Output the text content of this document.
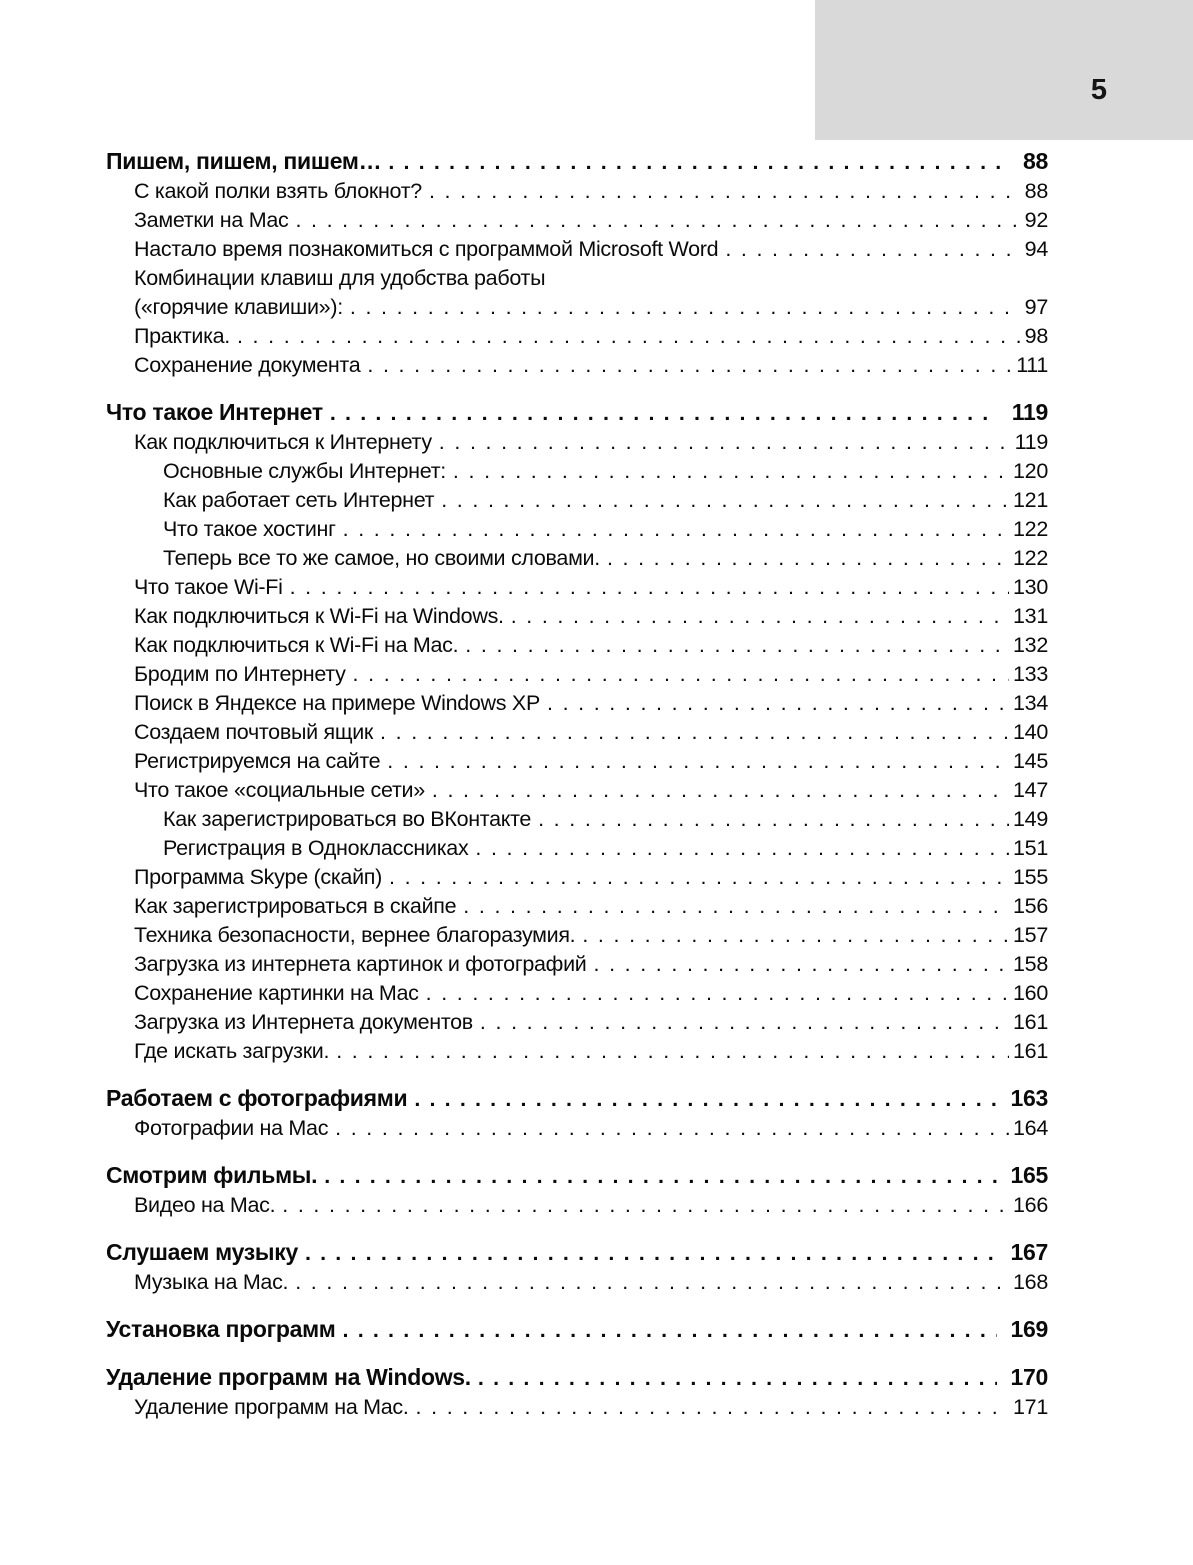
5
Пишем, пишем, пишем… .....	88
С какой полки взять блокнот? .....	88
Заметки на Mac .....	92
Настало время познакомиться с программой Microsoft Word .....	94
Комбинации клавиш для удобства работы
(«горячие клавиши»): .....	97
Практика. .....	98
Сохранение документа .....	111
Что такое Интернет .....	119
Как подключиться к Интернету .....	119
Основные службы Интернет: .....	120
Как работает сеть Интернет .....	121
Что такое хостинг .....	122
Теперь все то же самое, но своими словами. .....	122
Что такое Wi-Fi .....	130
Как подключиться к Wi-Fi на Windows. .....	131
Как подключиться к Wi-Fi на Mac. .....	132
Бродим по Интернету .....	133
Поиск в Яндексе на примере Windows XP .....	134
Создаем почтовый ящик .....	140
Регистрируемся на сайте .....	145
Что такое «социальные сети» .....	147
Как зарегистрироваться во ВКонтакте .....	149
Регистрация в Одноклассниках .....	151
Программа Skype (скайп) .....	155
Как зарегистрироваться в скайпе .....	156
Техника безопасности, вернее благоразумия. .....	157
Загрузка из интернета картинок и фотографий .....	158
Сохранение картинки на Mac .....	160
Загрузка из Интернета документов .....	161
Где искать загрузки. .....	161
Работаем с фотографиями .....	163
Фотографии на Mac .....	164
Смотрим фильмы. .....	165
Видео на Mac. .....	166
Слушаем музыку .....	167
Музыка на Mac. .....	168
Установка программ .....	169
Удаление программ на Windows. .....	170
Удаление программ на Mac. .....	171
